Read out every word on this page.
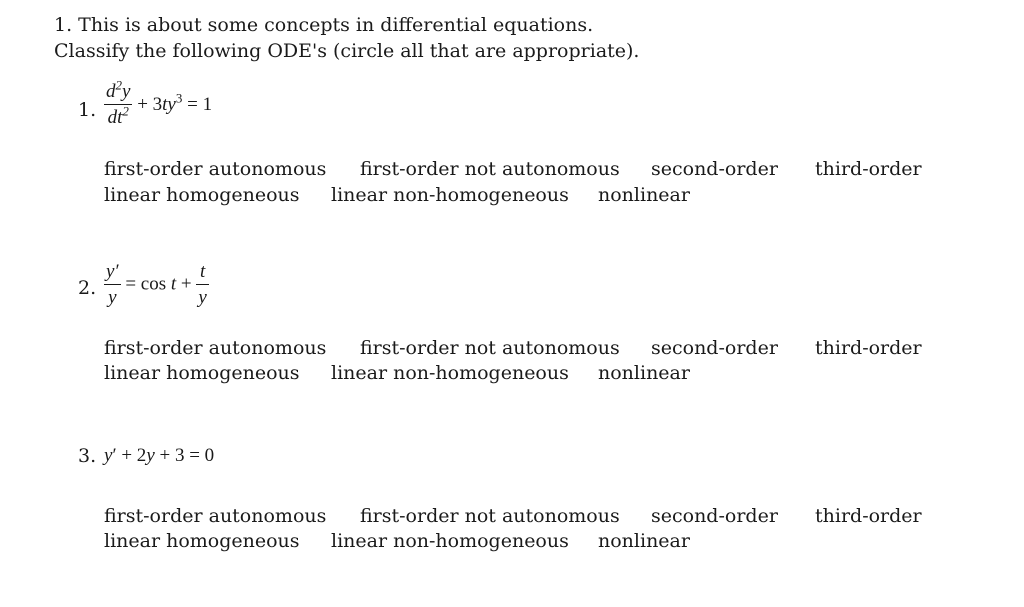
1. This is about some concepts in differential equations.
Classify the following ODE's (circle all that are appropriate).
1. $\frac{d^2y}{dt^2} + 3ty^3 = 1$
first-order autonomous first-order not autonomous second-order third-order
linear homogeneous linear non-homogeneous nonlinear
2. $\frac{y'}{y} = \cos t + \frac{t}{y}$
first-order autonomous first-order not autonomous second-order third-order
linear homogeneous linear non-homogeneous nonlinear
3. y′ + 2y + 3 = 0
first-order autonomous first-order not autonomous second-order third-order
linear homogeneous linear non-homogeneous nonlinear
